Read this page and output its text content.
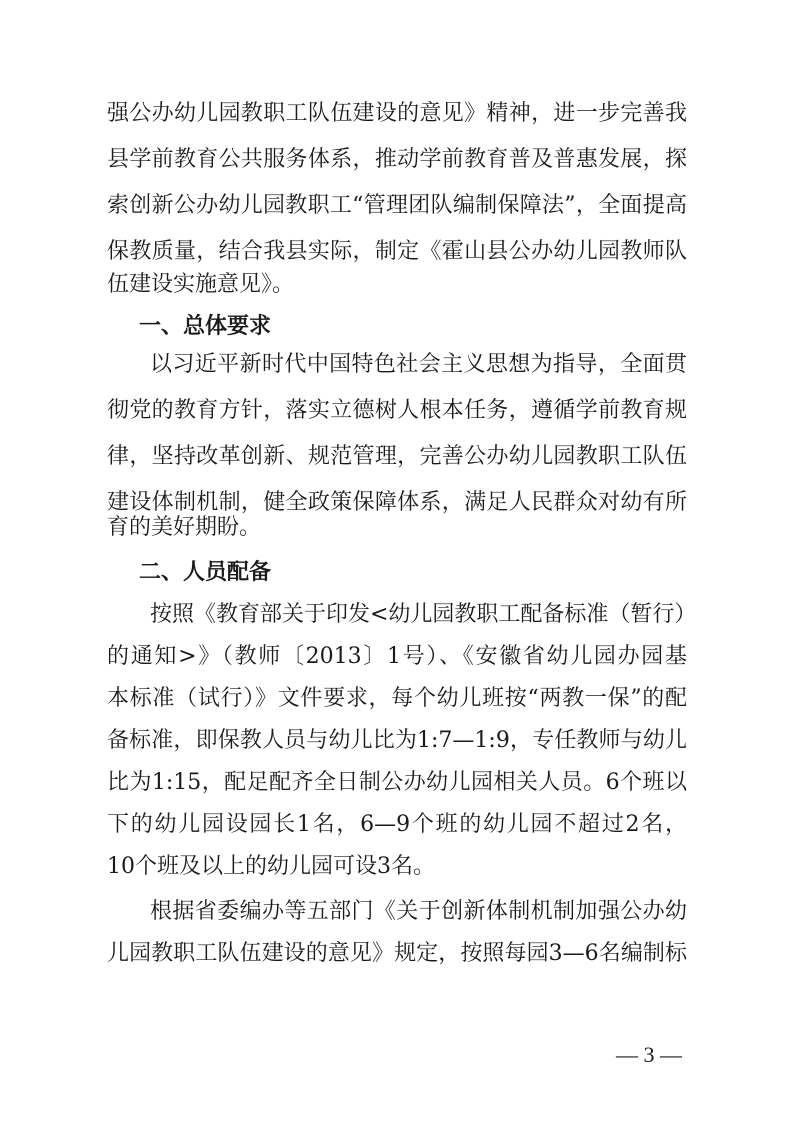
强公办幼儿园教职工队伍建设的意见》精神，进一步完善我
县学前教育公共服务体系，推动学前教育普及普惠发展，探
索创新公办幼儿园教职工“管理团队编制保障法”，全面提高
保教质量，结合我县实际，制定《霍山县公办幼儿园教师队
伍建设实施意见》。
一、总体要求
以习近平新时代中国特色社会主义思想为指导，全面贯
彻党的教育方针，落实立德树人根本任务，遵循学前教育规
律，坚持改革创新、规范管理，完善公办幼儿园教职工队伍
建设体制机制，健全政策保障体系，满足人民群众对幼有所
育的美好期盼。
二、人员配备
按照《教育部关于印发<幼儿园教职工配备标准（暂行）
的通知>》（教师〔2013〕1号）、《安徽省幼儿园办园基
本标准（试行）》文件要求，每个幼儿班按“两教一保”的配
备标准，即保教人员与幼儿比为1:7—1:9，专任教师与幼儿
比为1:15，配足配齐全日制公办幼儿园相关人员。6个班以
下的幼儿园设园长1名，6—9个班的幼儿园不超过2名，
10个班及以上的幼儿园可设3名。
根据省委编办等五部门《关于创新体制机制加强公办幼
儿园教职工队伍建设的意见》规定，按照每园3—6名编制标
— 3 —
